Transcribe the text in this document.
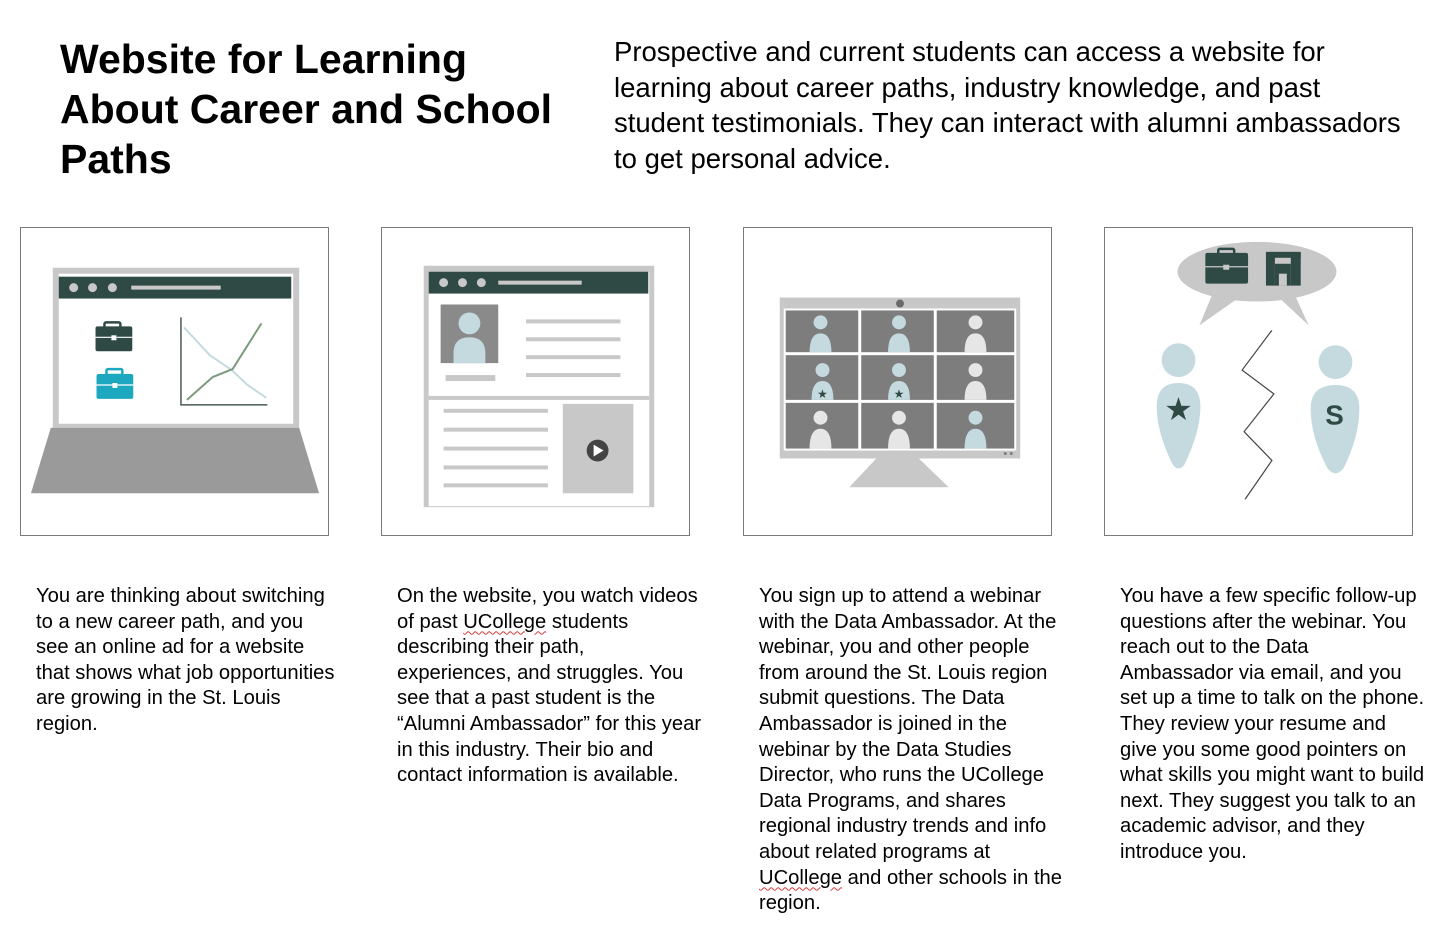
Website for Learning About Career and School Paths

Prospective and current students can access a website for learning about career paths, industry knowledge, and past student testimonials. They can interact with alumni ambassadors to get personal advice.

★	★	★	S

You are thinking about switching to a new career path, and you see an online ad for a website that shows what job opportunities are growing in the St. Louis region.

On the website, you watch videos of past UCollege students describing their path, experiences, and struggles. You see that a past student is the “Alumni Ambassador” for this year in this industry. Their bio and contact information is available.

You sign up to attend a webinar with the Data Ambassador. At the webinar, you and other people from around the St. Louis region submit questions. The Data Ambassador is joined in the webinar by the Data Studies Director, who runs the UCollege Data Programs, and shares regional industry trends and info about related programs at UCollege and other schools in the region.

You have a few specific follow-up questions after the webinar. You reach out to the Data Ambassador via email, and you set up a time to talk on the phone. They review your resume and give you some good pointers on what skills you might want to build next. They suggest you talk to an academic advisor, and they introduce you.
